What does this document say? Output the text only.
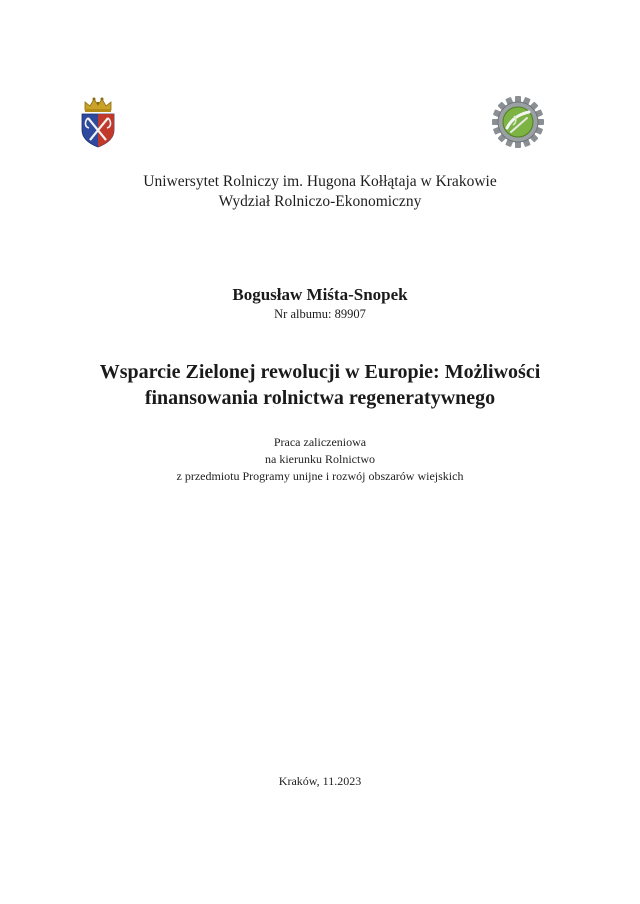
Uniwersytet Rolniczy im. Hugona Kołłątaja w Krakowie
Wydział Rolniczo-Ekonomiczny
Bogusław Miśta-Snopek
Nr albumu: 89907
Wsparcie Zielonej rewolucji w Europie: Możliwości
finansowania rolnictwa regeneratywnego
Praca zaliczeniowa
na kierunku Rolnictwo
z przedmiotu Programy unijne i rozwój obszarów wiejskich
Kraków, 11.2023
